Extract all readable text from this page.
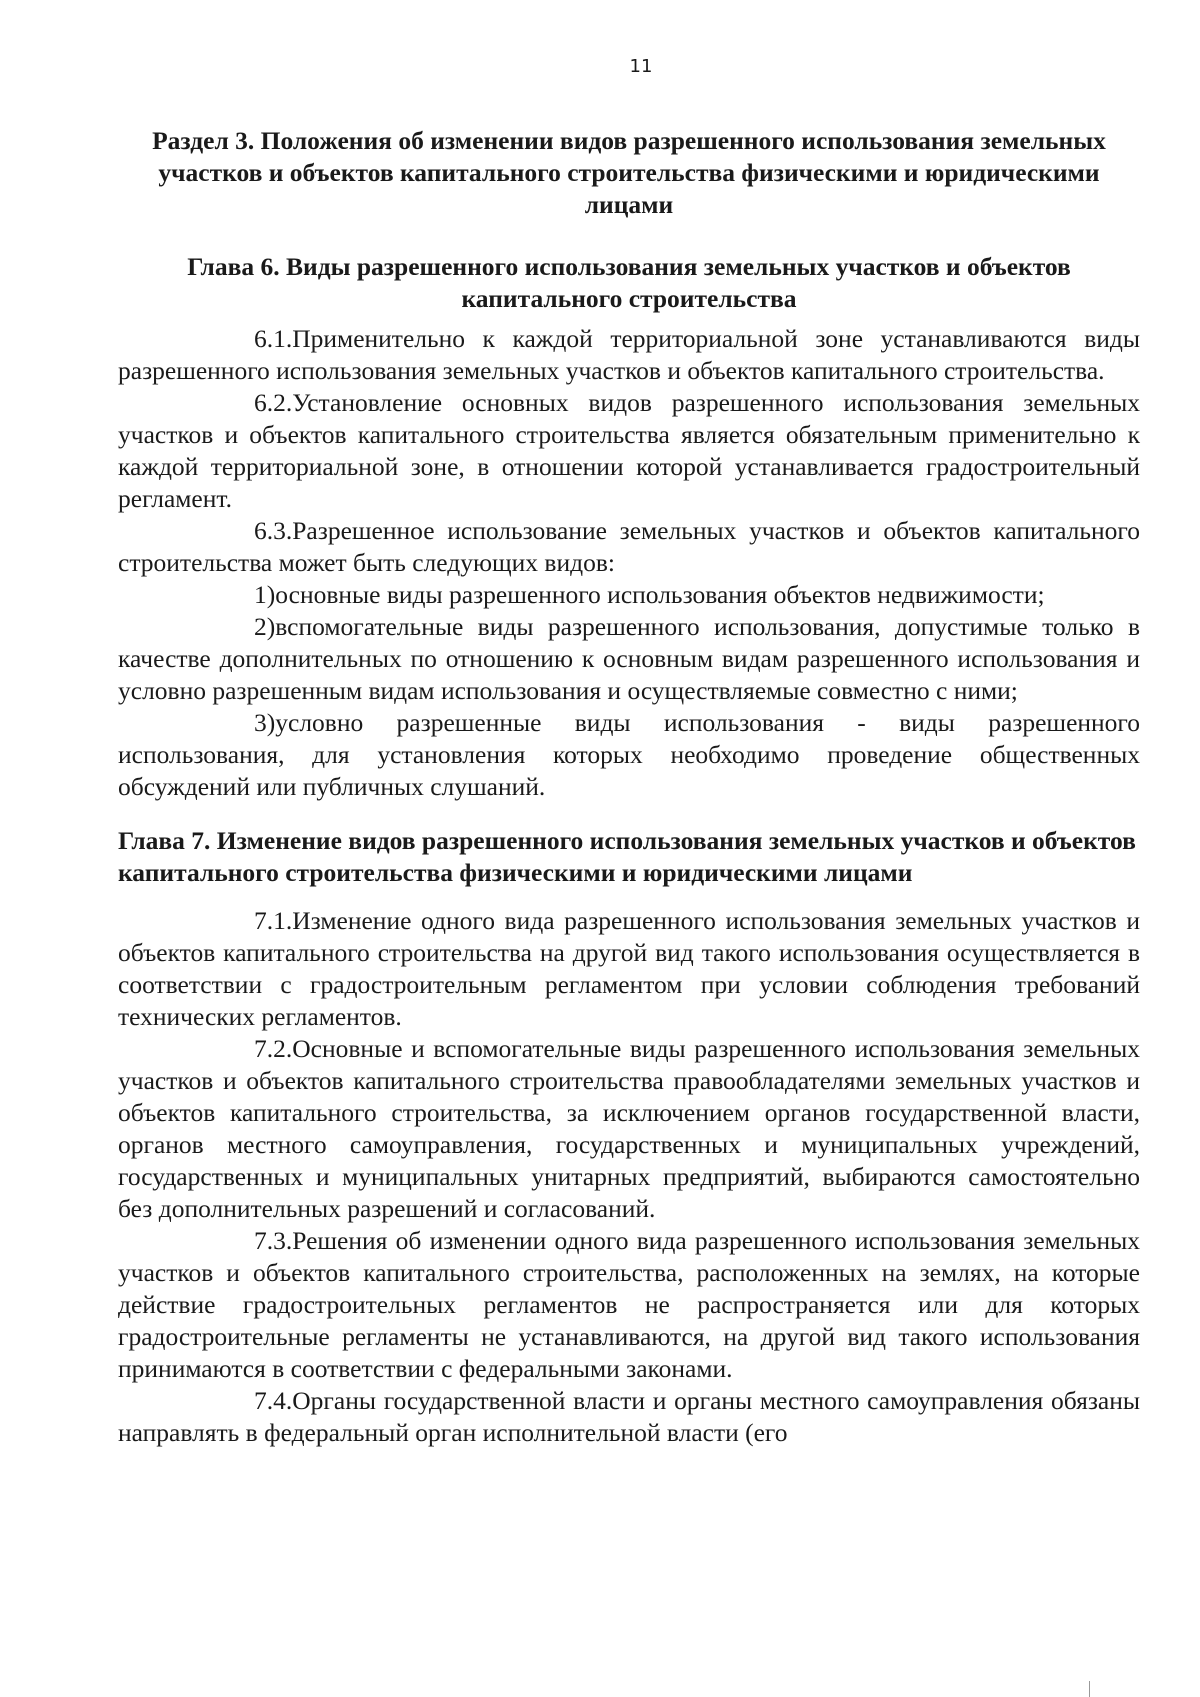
11
Раздел 3. Положения об изменении видов разрешенного использования земельных участков и объектов капитального строительства физическими и юридическими лицами
Глава 6. Виды разрешенного использования земельных участков и объектов капитального строительства

6.1.Применительно к каждой территориальной зоне устанавливаются виды разрешенного использования земельных участков и объектов капитального строительства.

6.2.Установление основных видов разрешенного использования земельных участков и объектов капитального строительства является обязательным применительно к каждой территориальной зоне, в отношении которой устанавливается градостроительный регламент.

6.3.Разрешенное использование земельных участков и объектов капитального строительства может быть следующих видов:

1)основные виды разрешенного использования объектов недвижимости;

2)вспомогательные виды разрешенного использования, допустимые только в качестве дополнительных по отношению к основным видам разрешенного использования и условно разрешенным видам использования и осуществляемые совместно с ними;

3)условно разрешенные виды использования - виды разрешенного использования, для установления которых необходимо проведение общественных обсуждений или публичных слушаний.

Глава 7. Изменение видов разрешенного использования земельных участков и объектов капитального строительства физическими и юридическими лицами

7.1.Изменение одного вида разрешенного использования земельных участков и объектов капитального строительства на другой вид такого использования осуществляется в соответствии с градостроительным регламентом при условии соблюдения требований технических регламентов.

7.2.Основные и вспомогательные виды разрешенного использования земельных участков и объектов капитального строительства правообладателями земельных участков и объектов капитального строительства, за исключением органов государственной власти, органов местного самоуправления, государственных и муниципальных учреждений, государственных и муниципальных унитарных предприятий, выбираются самостоятельно без дополнительных разрешений и согласований.

7.3.Решения об изменении одного вида разрешенного использования земельных участков и объектов капитального строительства, расположенных на землях, на которые действие градостроительных регламентов не распространяется или для которых градостроительные регламенты не устанавливаются, на другой вид такого использования принимаются в соответствии с федеральными законами.

7.4.Органы государственной власти и органы местного самоуправления обязаны направлять в федеральный орган исполнительной власти (его
